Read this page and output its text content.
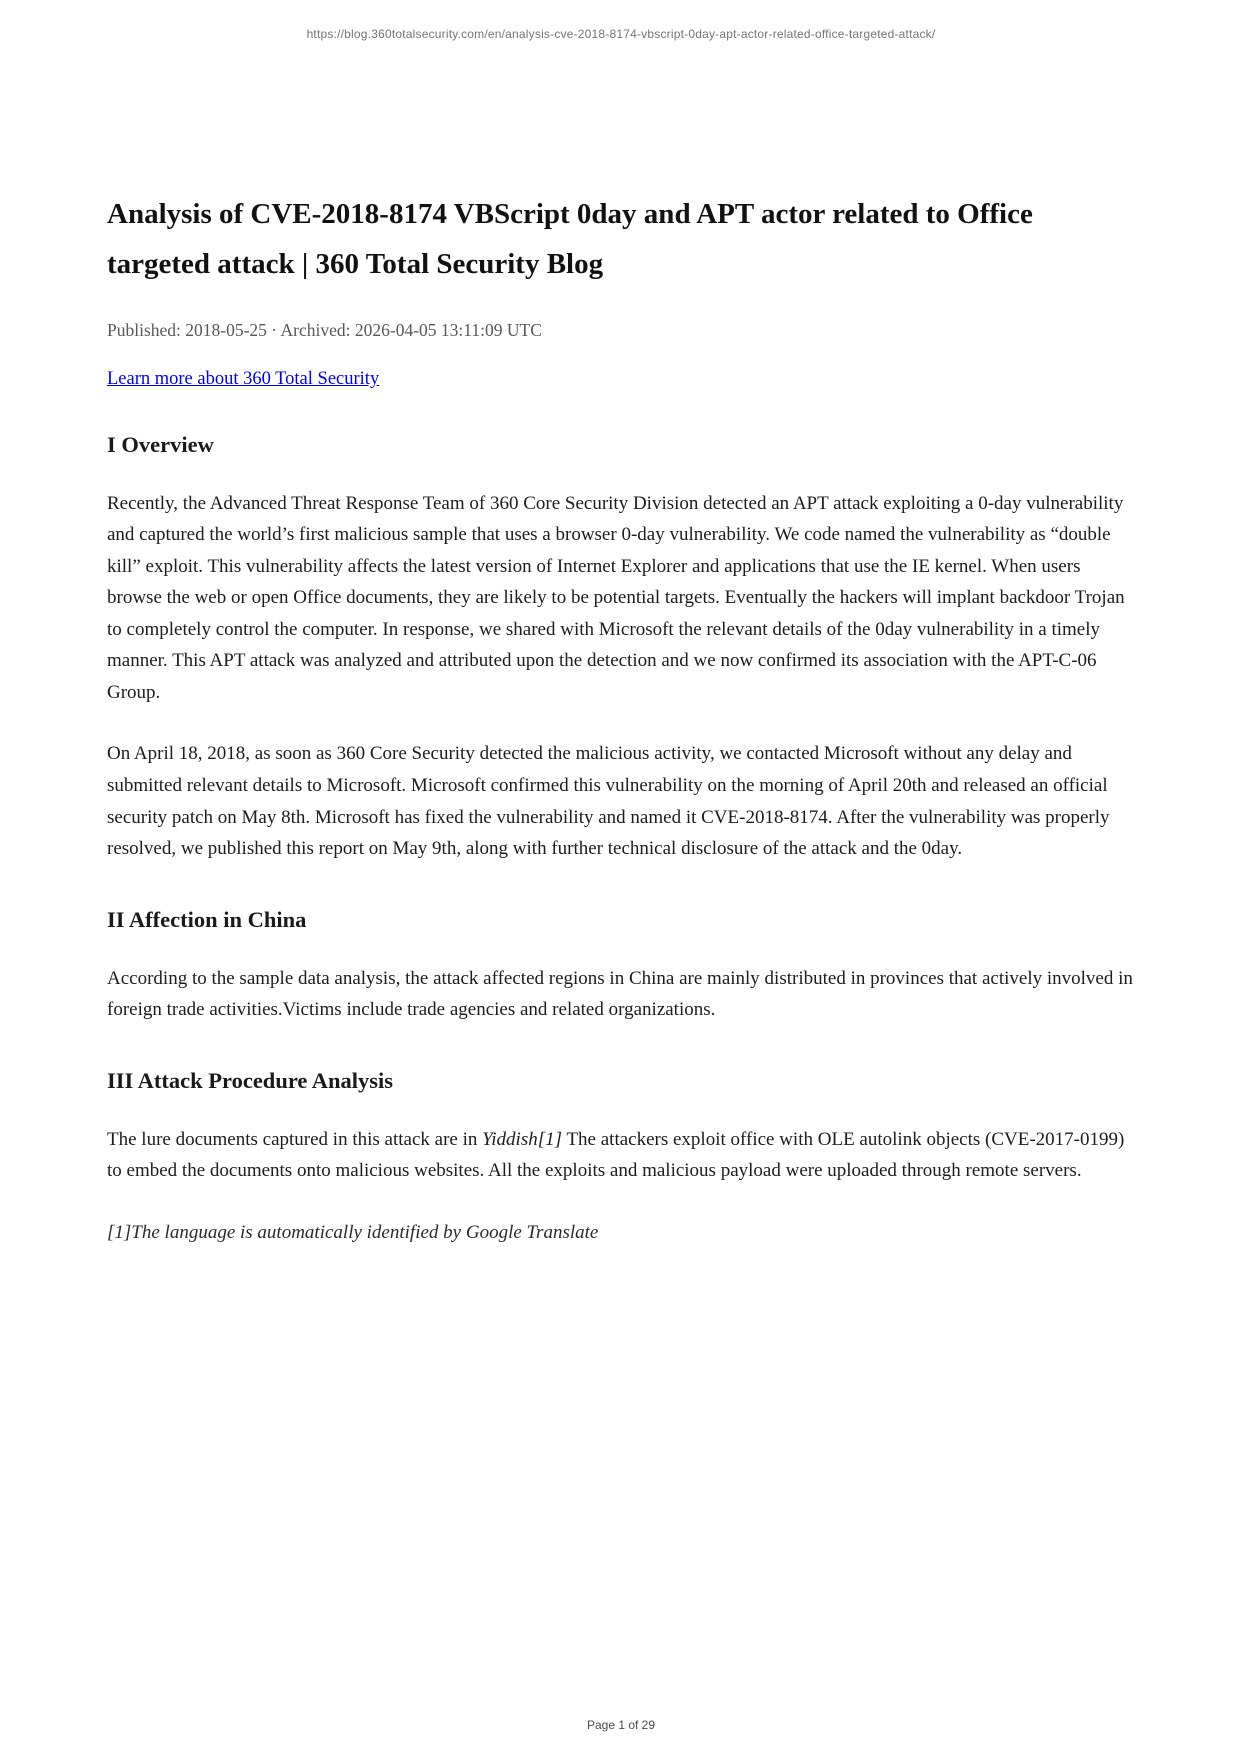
https://blog.360totalsecurity.com/en/analysis-cve-2018-8174-vbscript-0day-apt-actor-related-office-targeted-attack/
Analysis of CVE-2018-8174 VBScript 0day and APT actor related to Office targeted attack | 360 Total Security Blog
Published: 2018-05-25 · Archived: 2026-04-05 13:11:09 UTC
Learn more about 360 Total Security
I Overview

Recently, the Advanced Threat Response Team of 360 Core Security Division detected an APT attack exploiting a 0-day vulnerability and captured the world’s first malicious sample that uses a browser 0-day vulnerability. We code named the vulnerability as “double kill” exploit. This vulnerability affects the latest version of Internet Explorer and applications that use the IE kernel. When users browse the web or open Office documents, they are likely to be potential targets. Eventually the hackers will implant backdoor Trojan to completely control the computer. In response, we shared with Microsoft the relevant details of the 0day vulnerability in a timely manner. This APT attack was analyzed and attributed upon the detection and we now confirmed its association with the APT-C-06 Group.

On April 18, 2018, as soon as 360 Core Security detected the malicious activity, we contacted Microsoft without any delay and submitted relevant details to Microsoft. Microsoft confirmed this vulnerability on the morning of April 20th and released an official security patch on May 8th. Microsoft has fixed the vulnerability and named it CVE-2018-8174. After the vulnerability was properly resolved, we published this report on May 9th, along with further technical disclosure of the attack and the 0day.

II Affection in China

According to the sample data analysis, the attack affected regions in China are mainly distributed in provinces that actively involved in foreign trade activities.Victims include trade agencies and related organizations.

III Attack Procedure Analysis

The lure documents captured in this attack are in Yiddish[1] The attackers exploit office with OLE autolink objects (CVE-2017-0199) to embed the documents onto malicious websites. All the exploits and malicious payload were uploaded through remote servers.

[1]The language is automatically identified by Google Translate

Page 1 of 29
